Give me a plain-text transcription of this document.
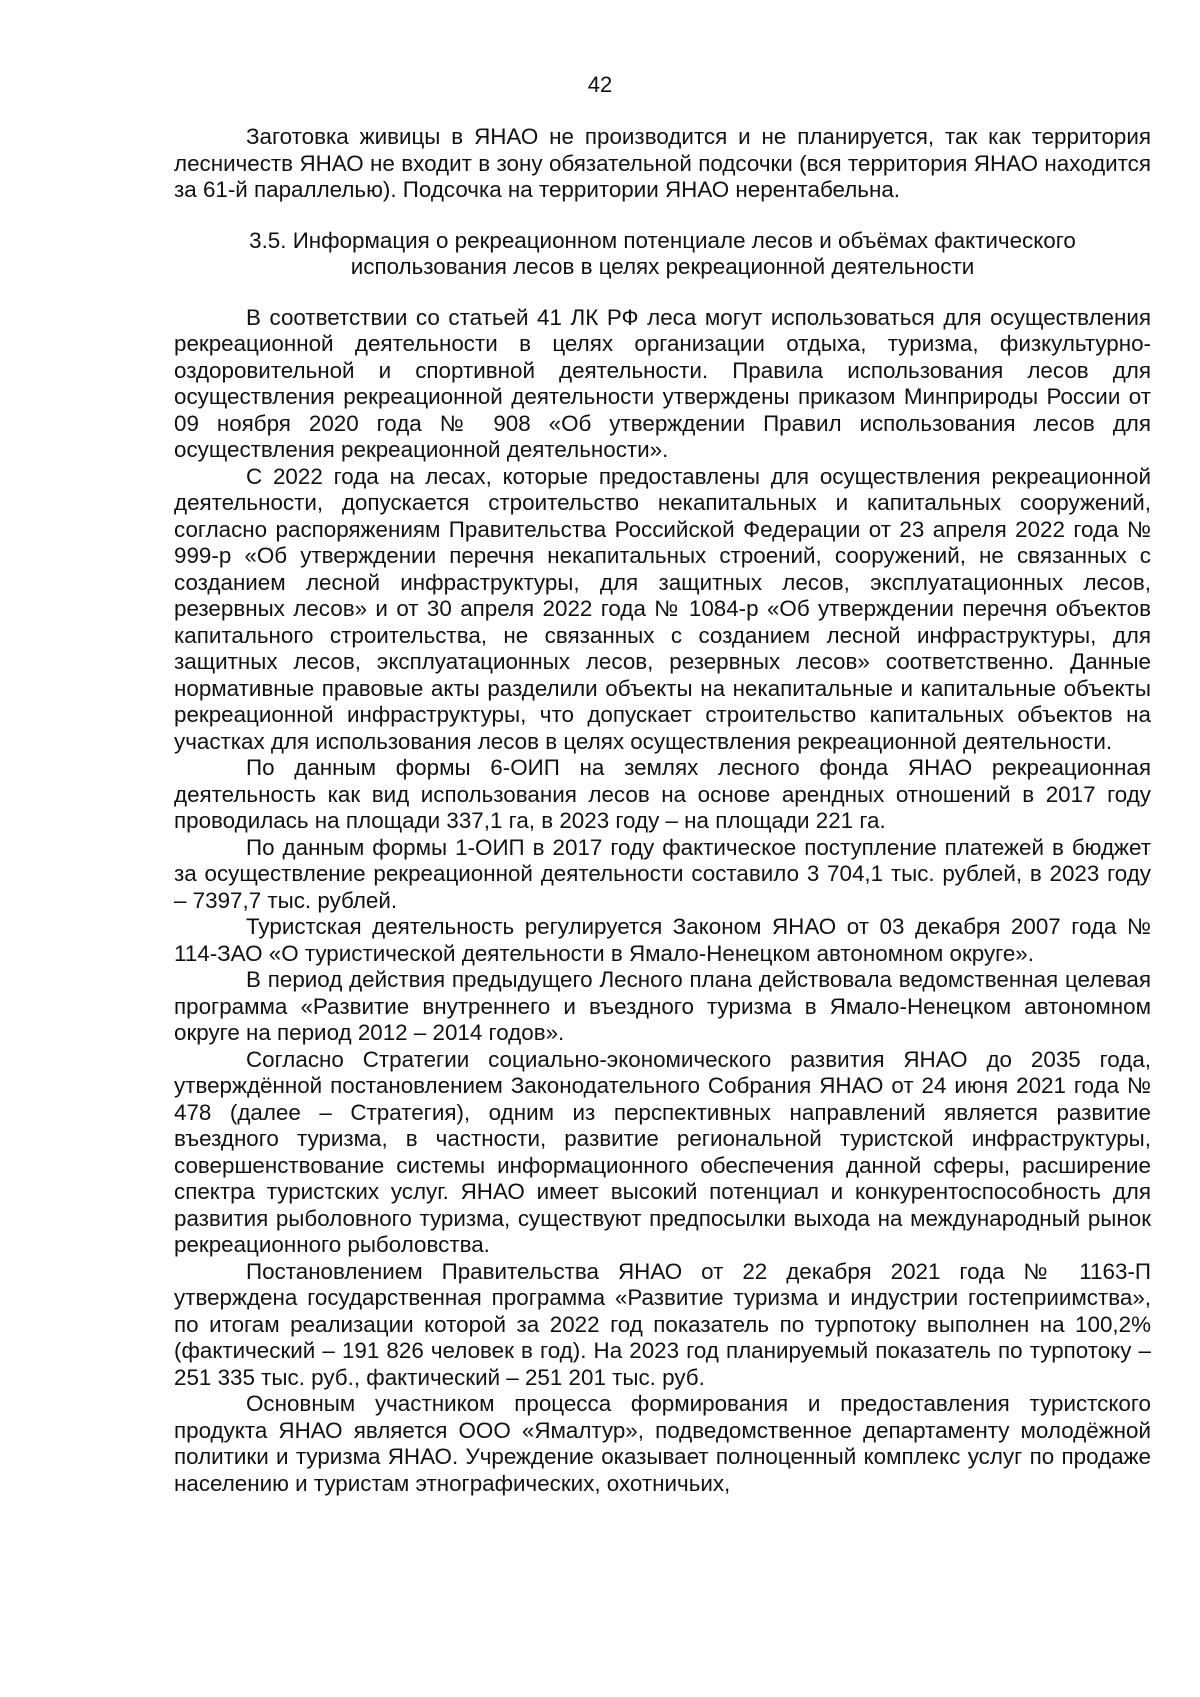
42

Заготовка живицы в ЯНАО не производится и не планируется, так как территория лесничеств ЯНАО не входит в зону обязательной подсочки (вся территория ЯНАО находится за 61-й параллелью). Подсочка на территории ЯНАО нерентабельна.

3.5. Информация о рекреационном потенциале лесов и объёмах фактического
использования лесов в целях рекреационной деятельности

В соответствии со статьей 41 ЛК РФ леса могут использоваться для осуществления рекреационной деятельности в целях организации отдыха, туризма, физкультурно-оздоровительной и спортивной деятельности. Правила использования лесов для осуществления рекреационной деятельности утверждены приказом Минприроды России от 09 ноября 2020 года № 908 «Об утверждении Правил использования лесов для осуществления рекреационной деятельности».

С 2022 года на лесах, которые предоставлены для осуществления рекреационной деятельности, допускается строительство некапитальных и капитальных сооружений, согласно распоряжениям Правительства Российской Федерации от 23 апреля 2022 года № 999-р «Об утверждении перечня некапитальных строений, сооружений, не связанных с созданием лесной инфраструктуры, для защитных лесов, эксплуатационных лесов, резервных лесов» и от 30 апреля 2022 года № 1084-р «Об утверждении перечня объектов капитального строительства, не связанных с созданием лесной инфраструктуры, для защитных лесов, эксплуатационных лесов, резервных лесов» соответственно. Данные нормативные правовые акты разделили объекты на некапитальные и капитальные объекты рекреационной инфраструктуры, что допускает строительство капитальных объектов на участках для использования лесов в целях осуществления рекреационной деятельности.

По данным формы 6-ОИП на землях лесного фонда ЯНАО рекреационная деятельность как вид использования лесов на основе арендных отношений в 2017 году проводилась на площади 337,1 га, в 2023 году – на площади 221 га.

По данным формы 1-ОИП в 2017 году фактическое поступление платежей в бюджет за осуществление рекреационной деятельности составило 3 704,1 тыс. рублей, в 2023 году – 7397,7 тыс. рублей.

Туристская деятельность регулируется Законом ЯНАО от 03 декабря 2007 года № 114-ЗАО «О туристической деятельности в Ямало-Ненецком автономном округе».

В период действия предыдущего Лесного плана действовала ведомственная целевая программа «Развитие внутреннего и въездного туризма в Ямало-Ненецком автономном округе на период 2012 – 2014 годов».

Согласно Стратегии социально-экономического развития ЯНАО до 2035 года, утверждённой постановлением Законодательного Собрания ЯНАО от 24 июня 2021 года № 478 (далее – Стратегия), одним из перспективных направлений является развитие въездного туризма, в частности, развитие региональной туристской инфраструктуры, совершенствование системы информационного обеспечения данной сферы, расширение спектра туристских услуг. ЯНАО имеет высокий потенциал и конкурентоспособность для развития рыболовного туризма, существуют предпосылки выхода на международный рынок рекреационного рыболовства.

Постановлением Правительства ЯНАО от 22 декабря 2021 года № 1163-П утверждена государственная программа «Развитие туризма и индустрии гостеприимства», по итогам реализации которой за 2022 год показатель по турпотоку выполнен на 100,2% (фактический – 191 826 человек в год). На 2023 год планируемый показатель по турпотоку – 251 335 тыс. руб., фактический – 251 201 тыс. руб.

Основным участником процесса формирования и предоставления туристского продукта ЯНАО является ООО «Ямалтур», подведомственное департаменту молодёжной политики и туризма ЯНАО. Учреждение оказывает полноценный комплекс услуг по продаже населению и туристам этнографических, охотничьих,
